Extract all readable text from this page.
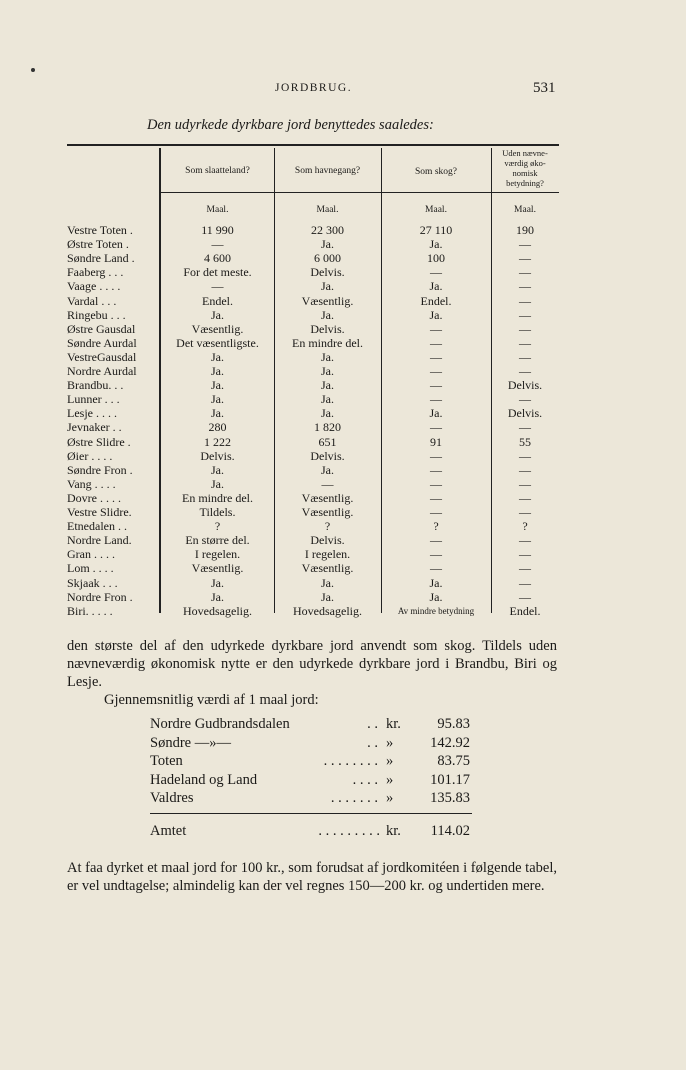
JORDBRUG.	531
Den udyrkede dyrkbare jord benyttedes saaledes:
Som slaatteland?	Som havnegang?	Som skog?
Uden nævne-
værdig øko-
nomisk
betydning?
Maal.	Maal.	Maal.	Maal.
Vestre Toten .	11 990	22 300	27 110	190
Østre Toten .	—	Ja.	Ja.	—
Søndre Land .	4 600	6 000	100	—
Faaberg . . .	For det meste.	Delvis.	—	—
Vaage . . . .	—	Ja.	Ja.	—
Vardal . . .	Endel.	Væsentlig.	Endel.	—
Ringebu . . .	Ja.	Ja.	Ja.	—
Østre Gausdal	Væsentlig.	Delvis.	—	—
Søndre Aurdal	Det væsentligste.	En mindre del.	—	—
VestreGausdal	Ja.	Ja.	—	—
Nordre Aurdal	Ja.	Ja.	—	—
Brandbu. . .	Ja.	Ja.	—	Delvis.
Lunner . . .	Ja.	Ja.	—	—
Lesje . . . .	Ja.	Ja.	Ja.	Delvis.
Jevnaker . .	280	1 820	—	—
Østre Slidre .	1 222	651	91	55
Øier . . . .	Delvis.	Delvis.	—	—
Søndre Fron .	Ja.	Ja.	—	—
Vang . . . .	Ja.	—	—	—
Dovre . . . .	En mindre del.	Væsentlig.	—	—
Vestre Slidre.	Tildels.	Væsentlig.	—	—
Etnedalen . .	?	?	?	?
Nordre Land.	En større del.	Delvis.	—	—
Gran . . . .	I regelen.	I regelen.	—	—
Lom . . . .	Væsentlig.	Væsentlig.	—	—
Skjaak . . .	Ja.	Ja.	Ja.	—
Nordre Fron .	Ja.	Ja.	Ja.	—
Biri. . . . .	Hovedsagelig.	Hovedsagelig.	Av mindre betydning	Endel.
den største del af den udyrkede dyrkbare jord anvendt som skog. Tildels uden nævneværdig økonomisk nytte er den udyrkede dyrkbare jord i Brandbu, Biri og Lesje.
Gjennemsnitlig værdi af 1 maal jord:
Nordre Gudbrandsdalen	. . kr.	95.83
Søndre —»—	. . »	142.92
Toten	. . . . . . . . »	83.75
Hadeland og Land	. . . . »	101.17
Valdres	. . . . . . . »	135.83
Amtet	. . . . . . . . . kr.	114.02
At faa dyrket et maal jord for 100 kr., som forudsat af jordkomitéen i følgende tabel, er vel undtagelse; almindelig kan der vel regnes 150—200 kr. og undertiden mere.
